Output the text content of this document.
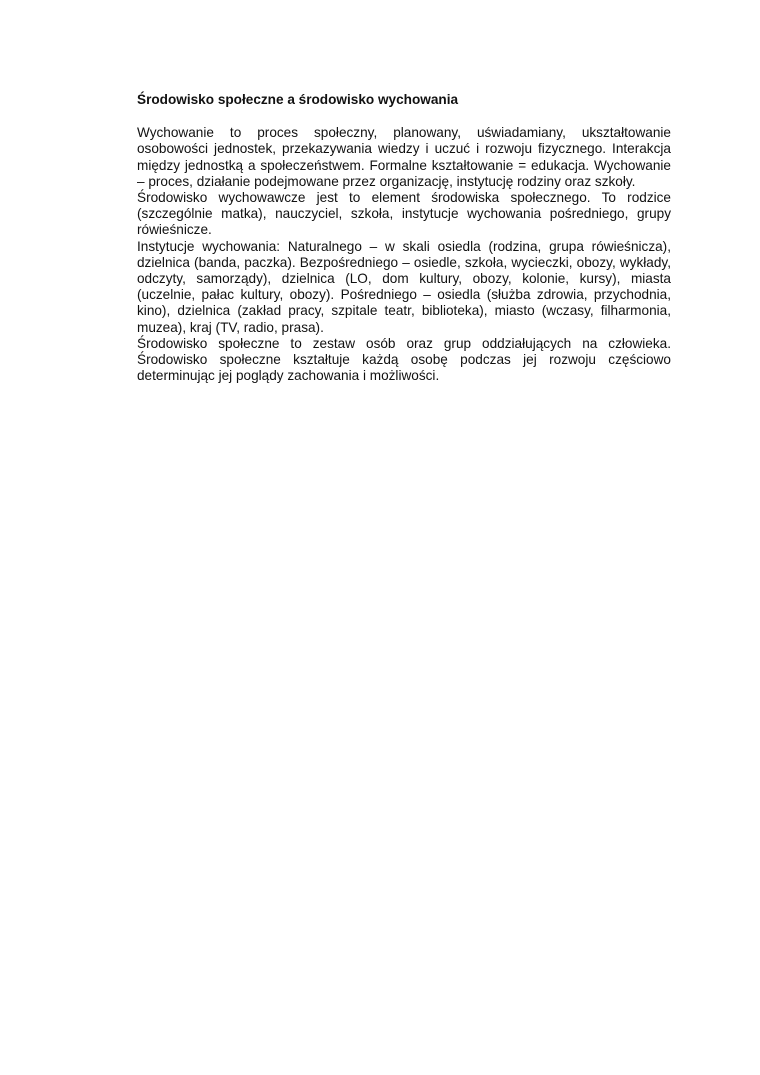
Środowisko społeczne a środowisko wychowania

Wychowanie to proces społeczny, planowany, uświadamiany, ukształtowanie osobowości jednostek, przekazywania wiedzy i uczuć i rozwoju fizycznego. Interakcja między jednostką a społeczeństwem. Formalne kształtowanie = edukacja. Wychowanie – proces, działanie podejmowane przez organizację, instytucję rodziny oraz szkoły.

Środowisko wychowawcze jest to element środowiska społecznego. To rodzice (szczególnie matka), nauczyciel, szkoła, instytucje wychowania pośredniego, grupy rówieśnicze.

Instytucje wychowania: Naturalnego – w skali osiedla (rodzina, grupa rówieśnicza), dzielnica (banda, paczka). Bezpośredniego – osiedle, szkoła, wycieczki, obozy, wykłady, odczyty, samorządy), dzielnica (LO, dom kultury, obozy, kolonie, kursy), miasta (uczelnie, pałac kultury, obozy). Pośredniego – osiedla (służba zdrowia, przychodnia, kino), dzielnica (zakład pracy, szpitale teatr, biblioteka), miasto (wczasy, filharmonia, muzea), kraj (TV, radio, prasa).

Środowisko społeczne to zestaw osób oraz grup oddziałujących na człowieka. Środowisko społeczne kształtuje każdą osobę podczas jej rozwoju częściowo determinując jej poglądy zachowania i możliwości.
